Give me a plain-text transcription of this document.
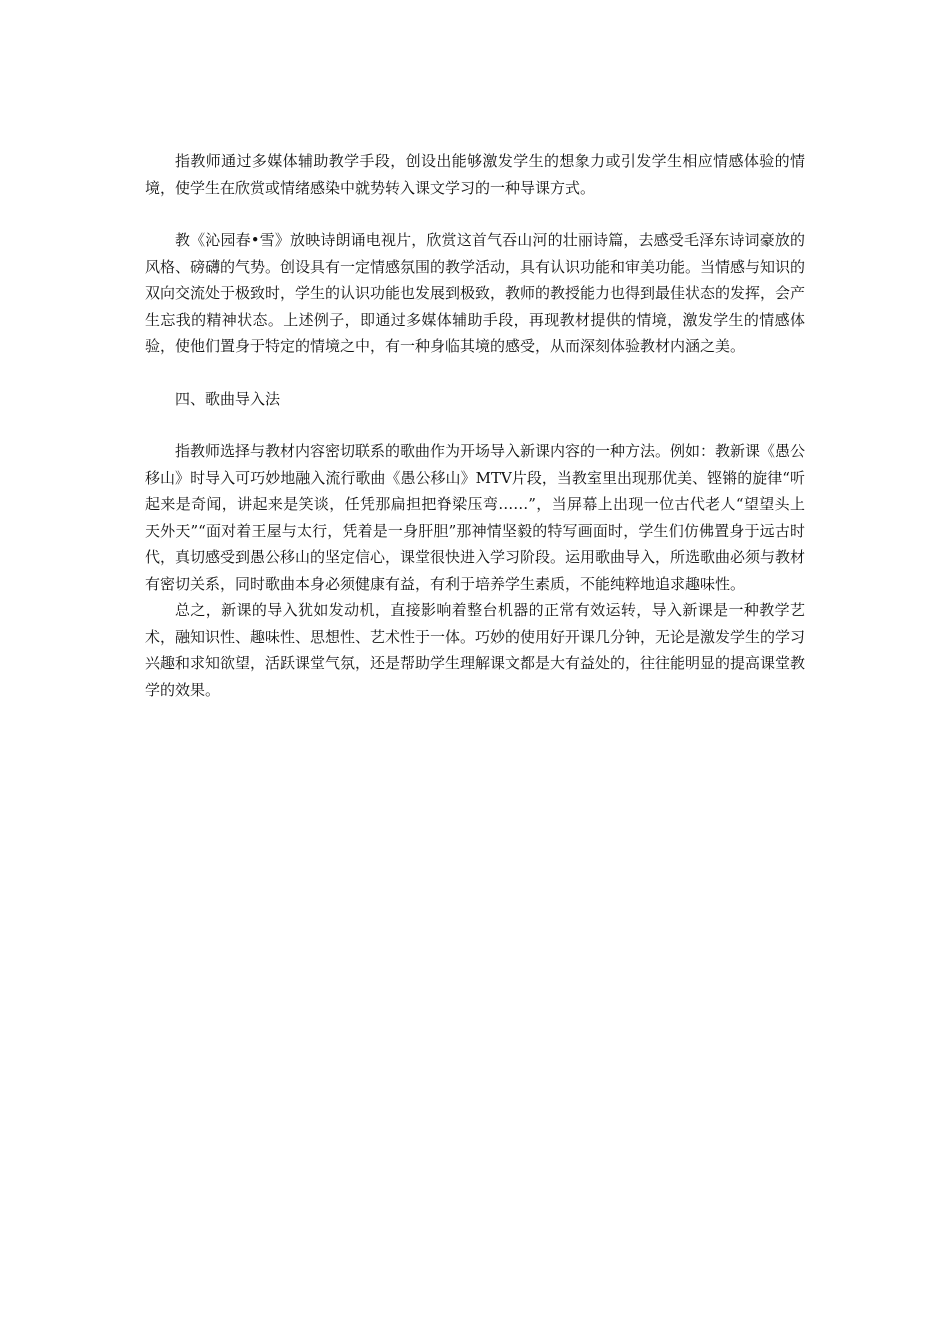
指教师通过多媒体辅助教学手段，创设出能够激发学生的想象力或引发学生相应情感体验的情境，使学生在欣赏或情绪感染中就势转入课文学习的一种导课方式。

教《沁园春•雪》放映诗朗诵电视片，欣赏这首气吞山河的壮丽诗篇，去感受毛泽东诗词豪放的风格、磅礴的气势。创设具有一定情感氛围的教学活动，具有认识功能和审美功能。当情感与知识的双向交流处于极致时，学生的认识功能也发展到极致，教师的教授能力也得到最佳状态的发挥，会产生忘我的精神状态。上述例子，即通过多媒体辅助手段，再现教材提供的情境，激发学生的情感体验，使他们置身于特定的情境之中，有一种身临其境的感受，从而深刻体验教材内涵之美。

四、歌曲导入法

指教师选择与教材内容密切联系的歌曲作为开场导入新课内容的一种方法。例如：教新课《愚公移山》时导入可巧妙地融入流行歌曲《愚公移山》MTV片段，当教室里出现那优美、铿锵的旋律“听起来是奇闻，讲起来是笑谈，任凭那扁担把脊梁压弯……”，当屏幕上出现一位古代老人“望望头上天外天”“面对着王屋与太行，凭着是一身肝胆”那神情坚毅的特写画面时，学生们仿佛置身于远古时代，真切感受到愚公移山的坚定信心，课堂很快进入学习阶段。运用歌曲导入，所选歌曲必须与教材有密切关系，同时歌曲本身必须健康有益，有利于培养学生素质，不能纯粹地追求趣味性。

总之，新课的导入犹如发动机，直接影响着整台机器的正常有效运转，导入新课是一种教学艺术，融知识性、趣味性、思想性、艺术性于一体。巧妙的使用好开课几分钟，无论是激发学生的学习兴趣和求知欲望，活跃课堂气氛，还是帮助学生理解课文都是大有益处的，往往能明显的提高课堂教学的效果。
